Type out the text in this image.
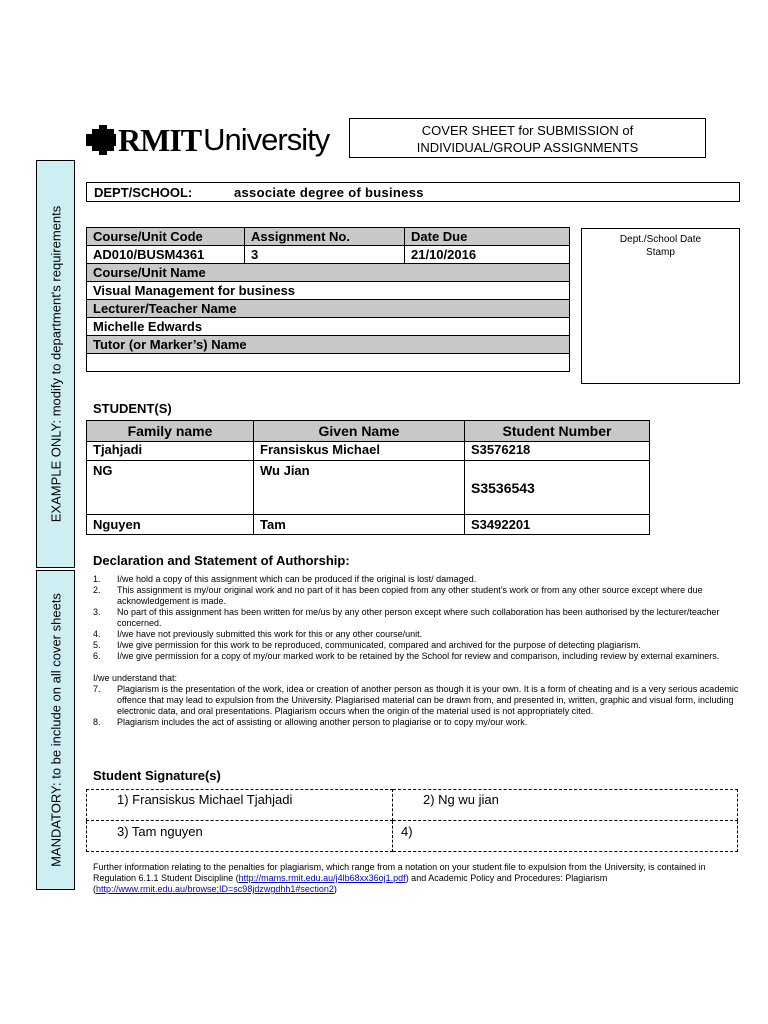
EXAMPLE ONLY: modify to department's requirements
MANDATORY: to be include on all cover sheets
RMIT University	COVER SHEET for SUBMISSION of
INDIVIDUAL/GROUP ASSIGNMENTS
DEPT/SCHOOL:	associate degree of business
Course/Unit Code	Assignment No.	Date Due
AD010/BUSM4361	3	21/10/2016
Course/Unit Name		
Visual Management for business		
Lecturer/Teacher Name		
Michelle Edwards		
Tutor (or Marker’s) Name		

Dept./School Date
Stamp
STUDENT(S)
Family name	Given Name	Student Number
Tjahjadi	Fransiskus Michael	S3576218
NG	Wu Jian	S3536543
Nguyen	Tam	S3492201
Declaration and Statement of Authorship:
1.	I/we hold a copy of this assignment which can be produced if the original is lost/ damaged.
2.	This assignment is my/our original work and no part of it has been copied from any other student’s work or from any other source except where due acknowledgement is made.
3.	No part of this assignment has been written for me/us by any other person except where such collaboration has been authorised by the lecturer/teacher concerned.
4.	I/we have not previously submitted this work for this or any other course/unit.
5.	I/we give permission for this work to be reproduced, communicated, compared and archived for the purpose of detecting plagiarism.
6.	I/we give permission for a copy of my/our marked work to be retained by the School for review and comparison, including review by external examiners.
I/we understand that:
7.	Plagiarism is the presentation of the work, idea or creation of another person as though it is your own. It is a form of cheating and is a very serious academic offence that may lead to expulsion from the University. Plagiarised material can be drawn from, and presented in, written, graphic and visual form, including electronic data, and oral presentations. Plagiarism occurs when the origin of the material used is not appropriately cited.
8.	Plagiarism includes the act of assisting or allowing another person to plagiarise or to copy my/our work.
Student Signature(s)
1) Fransiskus Michael Tjahjadi	2) Ng wu jian
3) Tam nguyen	4)
Further information relating to the penalties for plagiarism, which range from a notation on your student file to expulsion from the University, is contained in Regulation 6.1.1 Student Discipline (http://mams.rmit.edu.au/j4lb68xx36oj1.pdf) and Academic Policy and Procedures: Plagiarism (http://www.rmit.edu.au/browse;ID=sc98jdzwgdhh1#section2)
